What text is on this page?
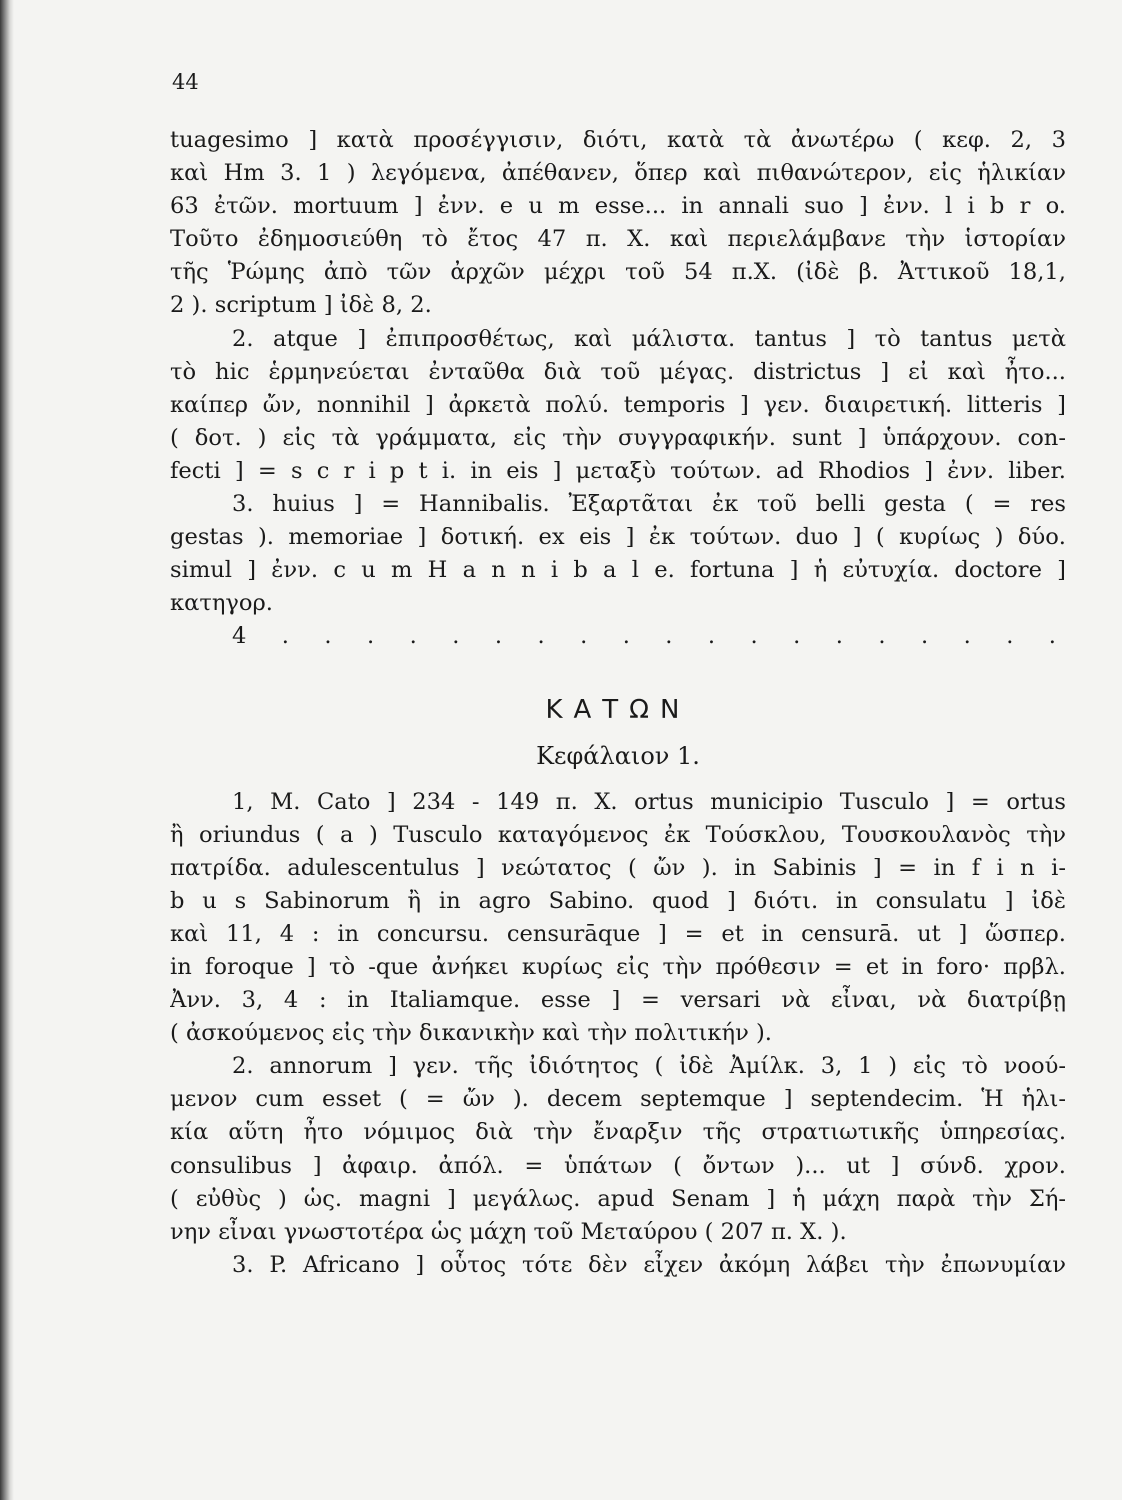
44
tuagesimo ] κατὰ προσέγγισιν, διότι, κατὰ τὰ ἀνωτέρω ( κεφ. 2, 3
καὶ Hm 3. 1 ) λεγόμενα, ἀπέθανεν, ὅπερ καὶ πιθανώτερον, εἰς ἡλικίαν
63 ἐτῶν. mortuum ] ἐνν. e u m esse... in annali suo ] ἐνν. l i b r o.
Τοῦτο ἐδημοσιεύθη τὸ ἔτος 47 π. Χ. καὶ περιελάμβανε τὴν ἱστορίαν
τῆς Ῥώμης ἀπὸ τῶν ἀρχῶν μέχρι τοῦ 54 π.Χ. (ἰδὲ β. Ἀττικοῦ 18,1,
2 ). scriptum ] ἰδὲ 8, 2.
2. atque ] ἐπιπροσθέτως, καὶ μάλιστα. tantus ] τὸ tantus μετὰ
τὸ hic ἑρμηνεύεται ἐνταῦθα διὰ τοῦ μέγας. districtus ] εἰ καὶ ἦτο...
καίπερ ὤν, nonnihil ] ἀρκετὰ πολύ. temporis ] γεν. διαιρετική. litteris ]
( δοτ. ) εἰς τὰ γράμματα, εἰς τὴν συγγραφικήν. sunt ] ὑπάρχουν. con-
fecti ] = s c r i p t i. in eis ] μεταξὺ τούτων. ad Rhodios ] ἐνν. liber.
3. huius ] = Hannibalis. Ἐξαρτᾶται ἐκ τοῦ belli gesta ( = res
gestas ). memoriae ] δοτική. ex eis ] ἐκ τούτων. duo ] ( κυρίως ) δύο.
simul ] ἐνν. c u m H a n n i b a l e. fortuna ] ἡ εὐτυχία. doctore ]
κατηγορ.
4 . . . . . . . . . . . . . . . . . . .
ΚΑΤΩΝ
Κεφάλαιον 1.
1, M. Cato ] 234 - 149 π. Χ. ortus municipio Tusculo ] = ortus
ἢ oriundus ( a ) Tusculo καταγόμενος ἐκ Τούσκλου, Τουσκουλανὸς τὴν
πατρίδα. adulescentulus ] νεώτατος ( ὤν ). in Sabinis ] = in f i n i-
b u s Sabinorum ἢ in agro Sabino. quod ] διότι. in consulatu ] ἰδὲ
καὶ 11, 4 : in concursu. censurāque ] = et in censurā. ut ] ὥσπερ.
in foroque ] τὸ -que ἀνήκει κυρίως εἰς τὴν πρόθεσιν = et in foro· πρβλ.
Ἀνν. 3, 4 : in Italiamque. esse ] = versari νὰ εἶναι, νὰ διατρίβῃ
( ἀσκούμενος εἰς τὴν δικανικὴν καὶ τὴν πολιτικήν ).
2. annorum ] γεν. τῆς ἰδιότητος ( ἰδὲ Ἀμίλκ. 3, 1 ) εἰς τὸ νοού-
μενον cum esset ( = ὤν ). decem septemque ] septendecim. Ἡ ἡλι-
κία αὕτη ἦτο νόμιμος διὰ τὴν ἔναρξιν τῆς στρατιωτικῆς ὑπηρεσίας.
consulibus ] ἀφαιρ. ἀπόλ. = ὑπάτων ( ὄντων )... ut ] σύνδ. χρον.
( εὐθὺς ) ὡς. magni ] μεγάλως. apud Senam ] ἡ μάχη παρὰ τὴν Σή-
νην εἶναι γνωστοτέρα ὡς μάχη τοῦ Μεταύρου ( 207 π. Χ. ).
3. P. Africano ] οὗτος τότε δὲν εἶχεν ἀκόμη λάβει τὴν ἐπωνυμίαν
